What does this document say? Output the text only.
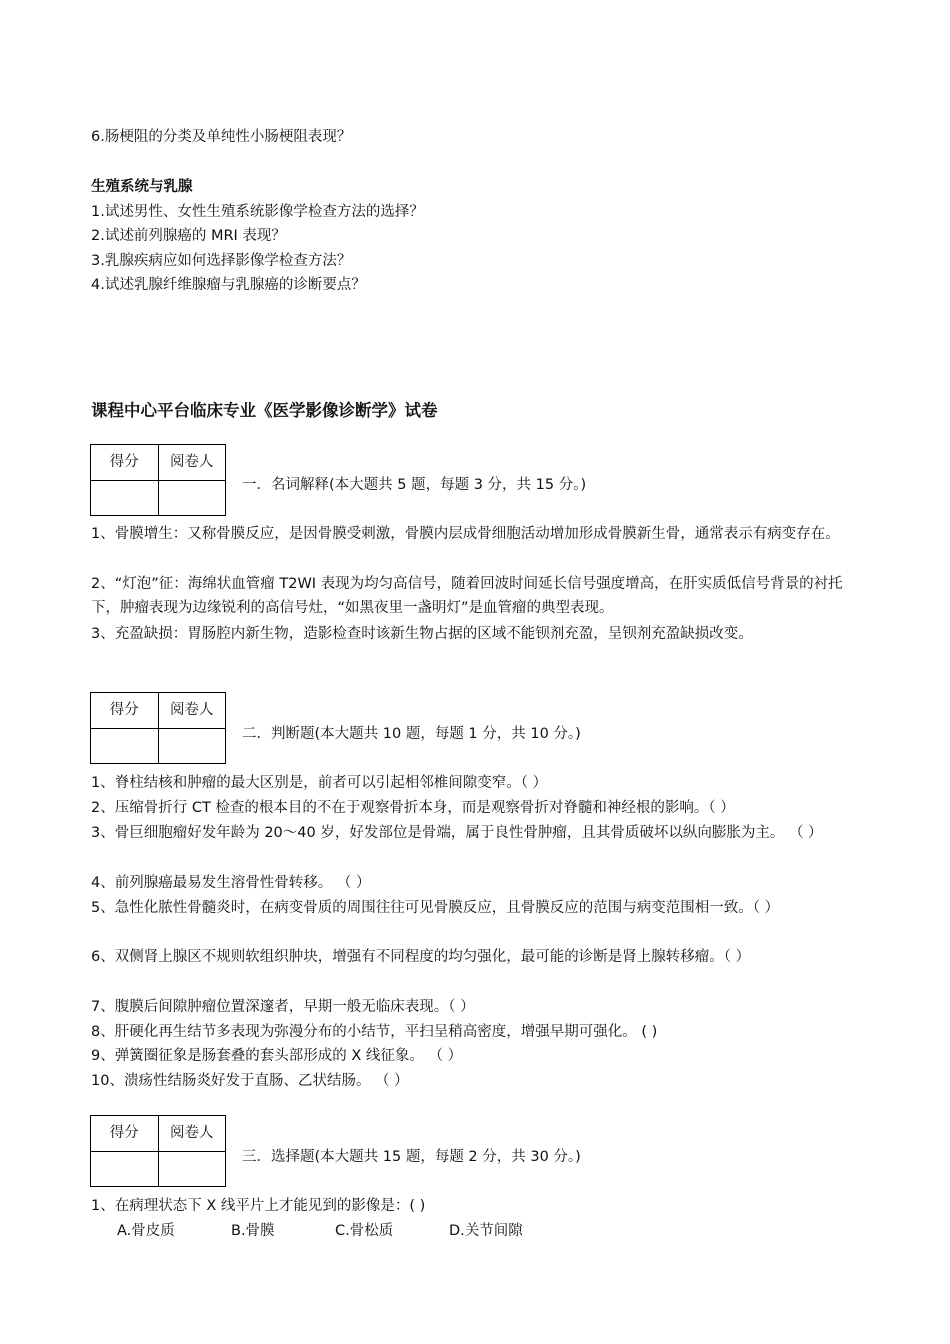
6.肠梗阻的分类及单纯性小肠梗阻表现？
生殖系统与乳腺
1.试述男性、女性生殖系统影像学检查方法的选择？
2.试述前列腺癌的 MRI 表现？
3.乳腺疾病应如何选择影像学检查方法？
4.试述乳腺纤维腺瘤与乳腺癌的诊断要点？
课程中心平台临床专业《医学影像诊断学》试卷
得分	阅卷人

一．名词解释(本大题共 5 题，每题 3 分，共 15 分。)
1、骨膜增生：又称骨膜反应，是因骨膜受刺激，骨膜内层成骨细胞活动增加形成骨膜新生骨，通常表示有病变存在。
2、“灯泡”征：海绵状血管瘤 T2WI 表现为均匀高信号，随着回波时间延长信号强度增高，在肝实质低信号背景的衬托下，肿瘤表现为边缘锐利的高信号灶，“如黑夜里一盏明灯”是血管瘤的典型表现。
3、充盈缺损：胃肠腔内新生物，造影检查时该新生物占据的区域不能钡剂充盈，呈钡剂充盈缺损改变。
得分	阅卷人

二．判断题(本大题共 10 题，每题 1 分，共 10 分。)
1、脊柱结核和肿瘤的最大区别是，前者可以引起相邻椎间隙变窄。（ ）
2、压缩骨折行 CT 检查的根本目的不在于观察骨折本身，而是观察骨折对脊髓和神经根的影响。（ ）
3、骨巨细胞瘤好发年龄为 20～40 岁，好发部位是骨端，属于良性骨肿瘤，且其骨质破坏以纵向膨胀为主。 （ ）
4、前列腺癌最易发生溶骨性骨转移。 （ ）
5、急性化脓性骨髓炎时，在病变骨质的周围往往可见骨膜反应，且骨膜反应的范围与病变范围相一致。（ ）
6、双侧肾上腺区不规则软组织肿块，增强有不同程度的均匀强化，最可能的诊断是肾上腺转移瘤。（ ）
7、腹膜后间隙肿瘤位置深邃者，早期一般无临床表现。（ ）
8、肝硬化再生结节多表现为弥漫分布的小结节，平扫呈稍高密度，增强早期可强化。 ( )
9、弹簧圈征象是肠套叠的套头部形成的 X 线征象。 （ ）
10、溃疡性结肠炎好发于直肠、乙状结肠。 （ ）
得分	阅卷人

三．选择题(本大题共 15 题，每题 2 分，共 30 分。)
1、在病理状态下 X 线平片上才能见到的影像是：( )
A.骨皮质	B.骨膜	C.骨松质	D.关节间隙
